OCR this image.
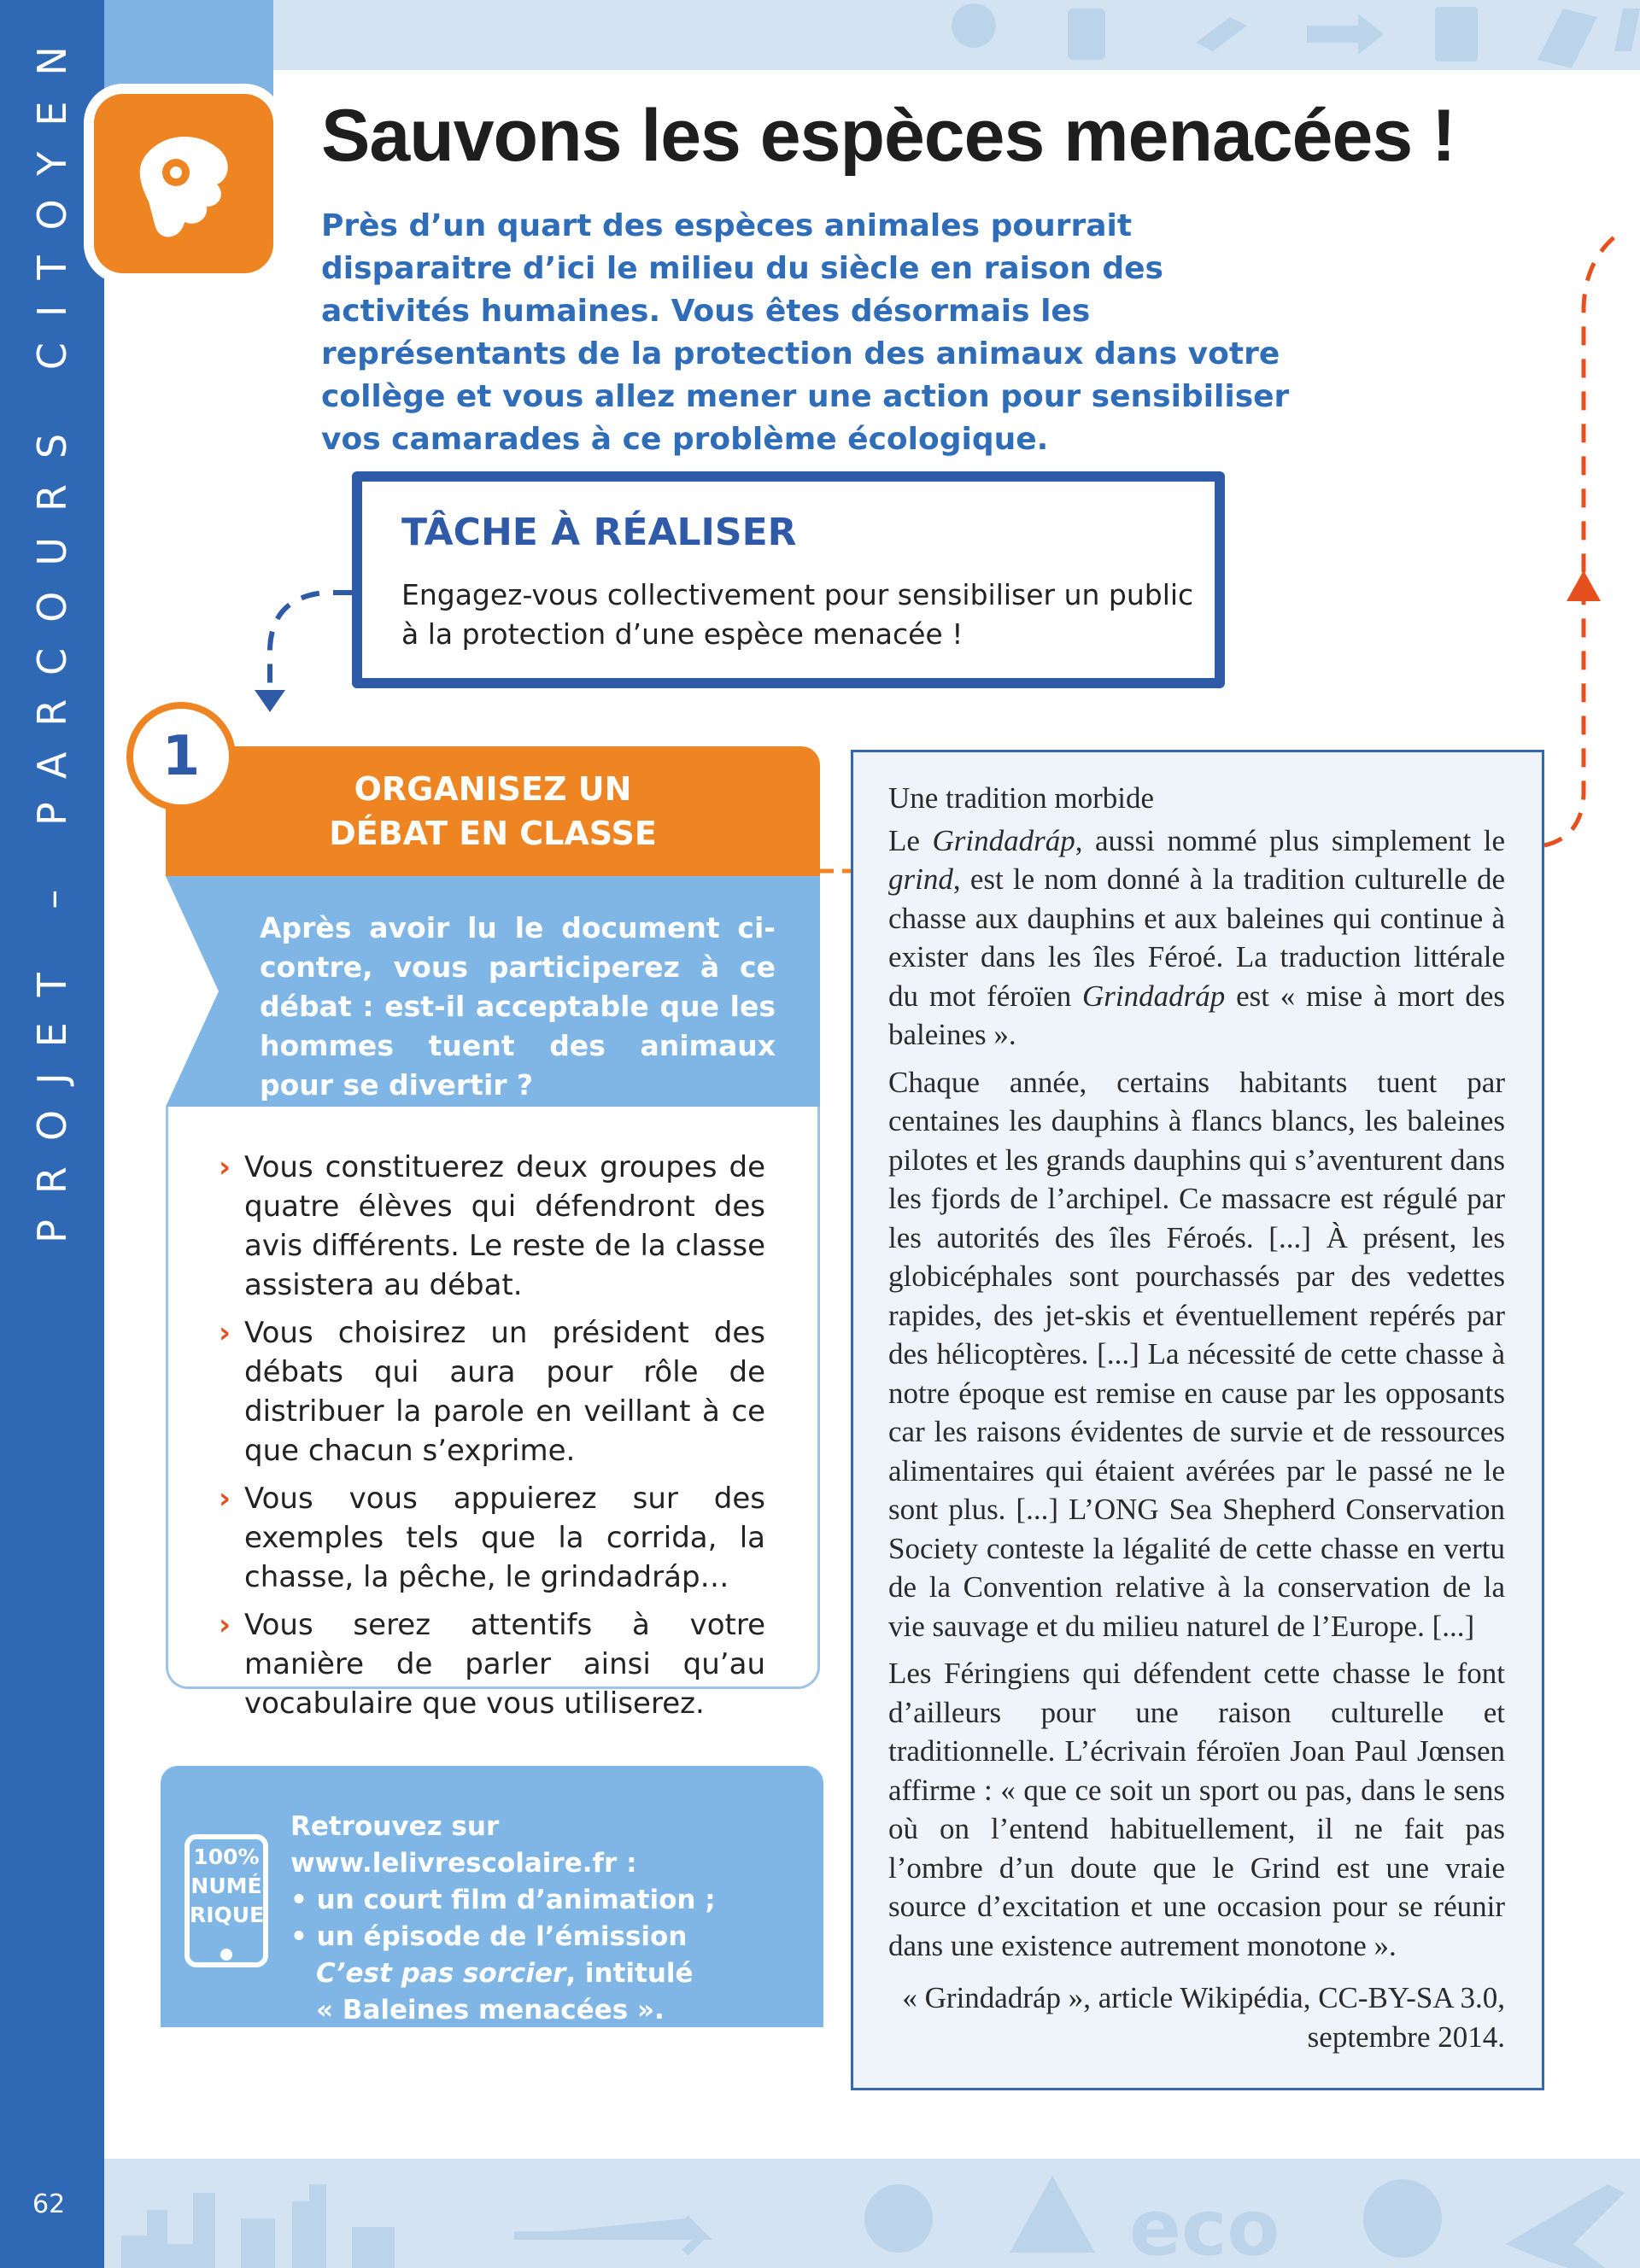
PROJET – PARCOURS CITOYEN
62	eco
Sauvons les espèces menacées !
Près d’un quart des espèces animales pourrait disparaitre d’ici le milieu du siècle en raison des activités humaines. Vous êtes désormais les représentants de la protection des animaux dans votre collège et vous allez mener une action pour sensibiliser vos camarades à ce problème écologique.
TÂCHE À RÉALISER
Engagez-vous collectivement pour sensibiliser un public à la protection d’une espèce menacée !
1
ORGANISEZ UN
DÉBAT EN CLASSE
Après avoir lu le document ci-contre, vous participerez à ce débat : est-il acceptable que les hommes tuent des animaux pour se divertir ?
› Vous constituerez deux groupes de quatre élèves qui défendront des avis différents. Le reste de la classe assistera au débat.
› Vous choisirez un président des débats qui aura pour rôle de distribuer la parole en veillant à ce que chacun s’exprime.
› Vous vous appuierez sur des exemples tels que la corrida, la chasse, la pêche, le grindadráp…
› Vous serez attentifs à votre manière de parler ainsi qu’au vocabulaire que vous utiliserez.
100%
NUMÉ
RIQUE
Retrouvez sur www.lelivrescolaire.fr :
• un court film d’animation ;
• un épisode de l’émission
C’est pas sorcier, intitulé
« Baleines menacées ».

Une tradition morbide

Le Grindadráp, aussi nommé plus simplement le grind, est le nom donné à la tradition culturelle de chasse aux dauphins et aux baleines qui continue à exister dans les îles Féroé. La traduction littérale du mot féroïen Grindadráp est « mise à mort des baleines ».

Chaque année, certains habitants tuent par centaines les dauphins à flancs blancs, les baleines pilotes et les grands dauphins qui s’aventurent dans les fjords de l’archipel. Ce massacre est régulé par les autorités des îles Féroés. [...] À présent, les globicéphales sont pourchassés par des vedettes rapides, des jet-skis et éventuellement repérés par des hélicoptères. [...] La nécessité de cette chasse à notre époque est remise en cause par les opposants car les raisons évidentes de survie et de ressources alimentaires qui étaient avérées par le passé ne le sont plus. [...] L’ONG Sea Shepherd Conservation Society conteste la légalité de cette chasse en vertu de la Convention relative à la conservation de la vie sauvage et du milieu naturel de l’Europe. [...]

Les Féringiens qui défendent cette chasse le font d’ailleurs pour une raison culturelle et traditionnelle. L’écrivain féroïen Joan Paul Jœnsen affirme : « que ce soit un sport ou pas, dans le sens où on l’entend habituellement, il ne fait pas l’ombre d’un doute que le Grind est une vraie source d’excitation et une occasion pour se réunir dans une existence autrement monotone ».

« Grindadráp », article Wikipédia, CC-BY-SA 3.0,
septembre 2014.
